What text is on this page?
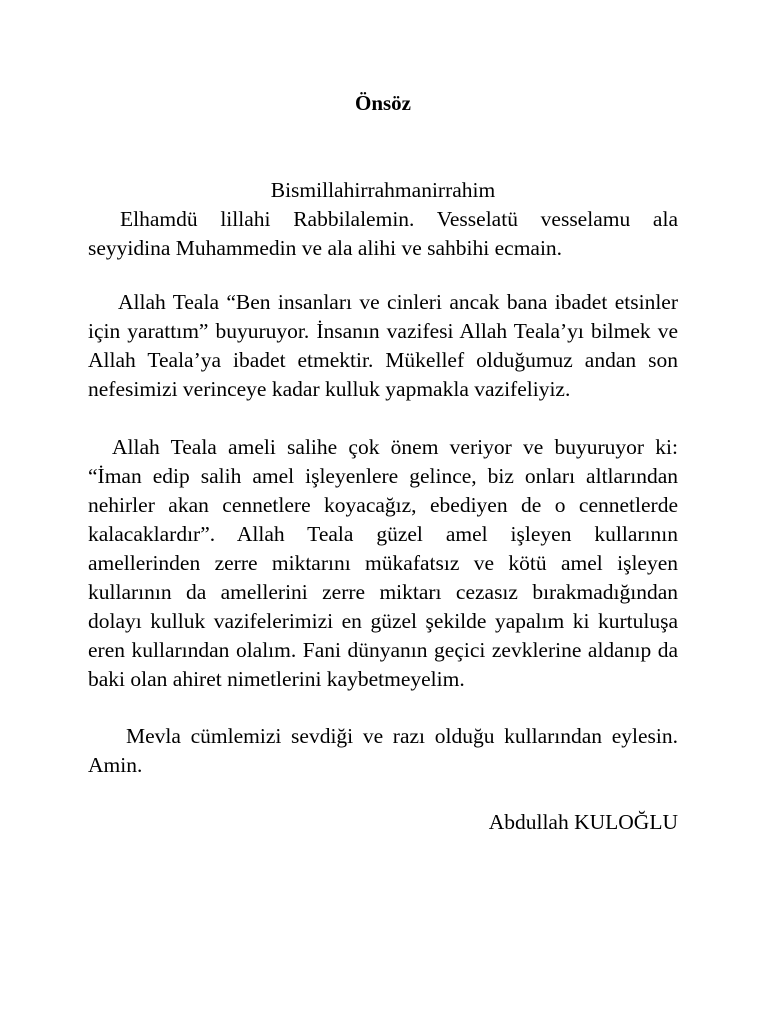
Önsöz

Bismillahirrahmanirrahim

Elhamdü lillahi Rabbilalemin. Vesselatü vesselamu ala seyyidina Muhammedin ve ala alihi ve sahbihi ecmain.

Allah Teala “Ben insanları ve cinleri ancak bana ibadet etsinler için yarattım” buyuruyor. İnsanın vazifesi Allah Teala’yı bilmek ve Allah Teala’ya ibadet etmektir. Mükellef olduğumuz andan son nefesimizi verinceye kadar kulluk yapmakla vazifeliyiz.

Allah Teala ameli salihe çok önem veriyor ve buyuruyor ki: “İman edip salih amel işleyenlere gelince, biz onları altlarından nehirler akan cennetlere koyacağız, ebediyen de o cennetlerde kalacaklardır”. Allah Teala güzel amel işleyen kullarının amellerinden zerre miktarını mükafatsız ve kötü amel işleyen kullarının da amellerini zerre miktarı cezasız bırakmadığından dolayı kulluk vazifelerimizi en güzel şekilde yapalım ki kurtuluşa eren kullarından olalım. Fani dünyanın geçici zevklerine aldanıp da baki olan ahiret nimetlerini kaybetmeyelim.

Mevla cümlemizi sevdiği ve razı olduğu kullarından eylesin. Amin.

Abdullah KULOĞLU
